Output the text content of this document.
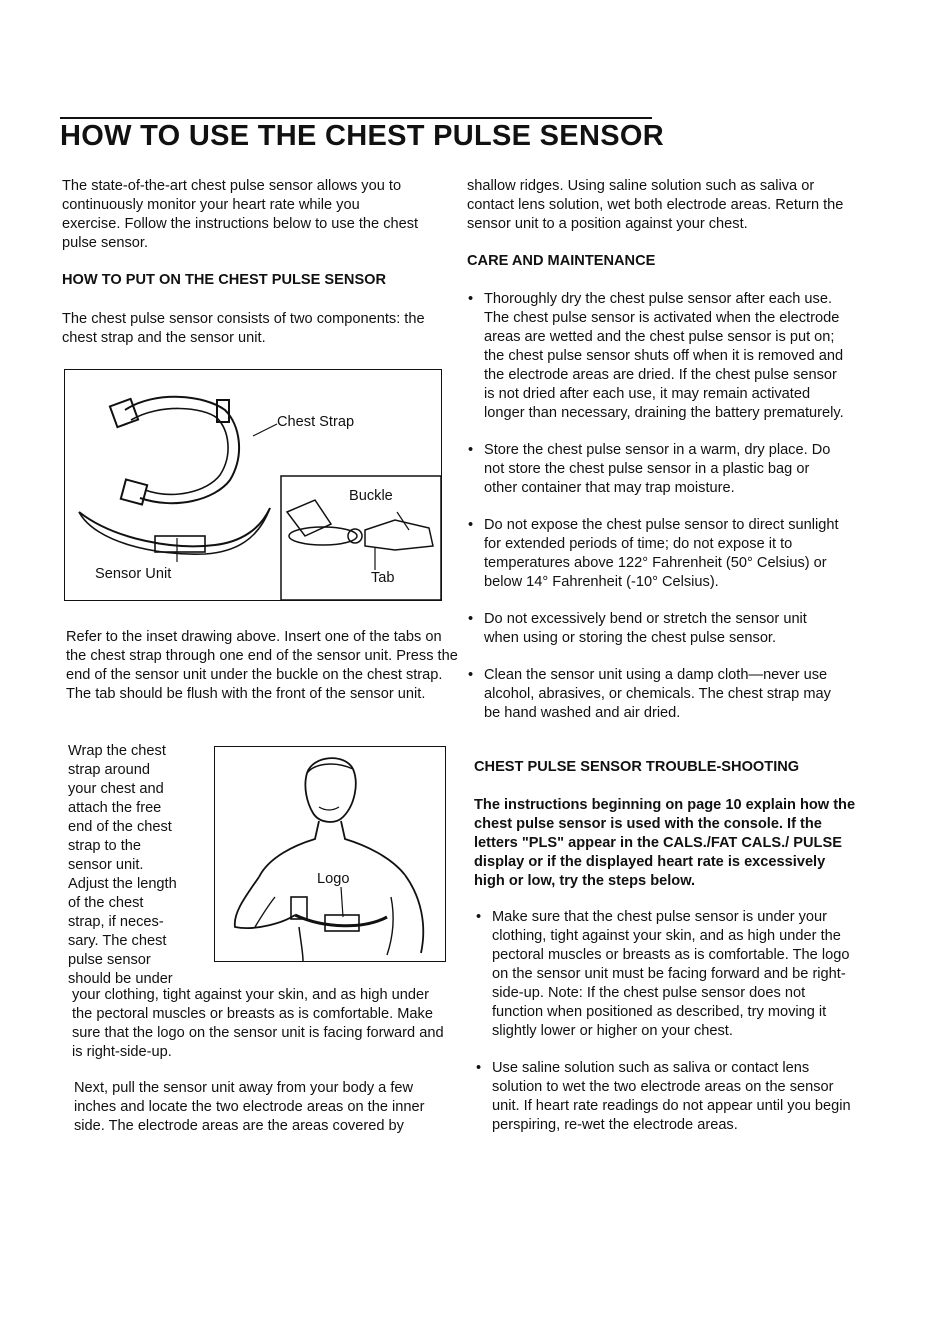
HOW TO USE THE CHEST PULSE SENSOR

The state-of-the-art chest pulse sensor allows you to continuously monitor your heart rate while you exercise. Follow the instructions below to use the chest pulse sensor.

HOW TO PUT ON THE CHEST PULSE SENSOR

The chest pulse sensor consists of two components: the chest strap and the sensor unit.

Chest Strap
Sensor Unit
Buckle
Tab

Refer to the inset drawing above. Insert one of the tabs on the chest strap through one end of the sensor unit. Press the end of the sensor unit under the buckle on the chest strap. The tab should be flush with the front of the sensor unit.

Wrap the chest
strap around
your chest and
attach the free
end of the chest
strap to the
sensor unit.
Adjust the length
of the chest
strap, if neces-
sary. The chest
pulse sensor
should be under
Logo

your clothing, tight against your skin, and as high under the pectoral muscles or breasts as is comfortable. Make sure that the logo on the sensor unit is facing forward and is right-side-up.

Next, pull the sensor unit away from your body a few inches and locate the two electrode areas on the inner side. The electrode areas are the areas covered by

shallow ridges. Using saline solution such as saliva or contact lens solution, wet both electrode areas. Return the sensor unit to a position against your chest.

CARE AND MAINTENANCE
• Thoroughly dry the chest pulse sensor after each use. The chest pulse sensor is activated when the electrode areas are wetted and the chest pulse sensor is put on; the chest pulse sensor shuts off when it is removed and the electrode areas are dried. If the chest pulse sensor is not dried after each use, it may remain activated longer than necessary, draining the battery prematurely.
• Store the chest pulse sensor in a warm, dry place. Do not store the chest pulse sensor in a plastic bag or other container that may trap moisture.
• Do not expose the chest pulse sensor to direct sunlight for extended periods of time; do not expose it to temperatures above 122° Fahrenheit (50° Celsius) or below 14° Fahrenheit (-10° Celsius).
• Do not excessively bend or stretch the sensor unit when using or storing the chest pulse sensor.
• Clean the sensor unit using a damp cloth—never use alcohol, abrasives, or chemicals. The chest strap may be hand washed and air dried.
CHEST PULSE SENSOR TROUBLE-SHOOTING

The instructions beginning on page 10 explain how the chest pulse sensor is used with the console. If the letters "PLS" appear in the CALS./FAT CALS./ PULSE display or if the displayed heart rate is excessively high or low, try the steps below.

• Make sure that the chest pulse sensor is under your clothing, tight against your skin, and as high under the pectoral muscles or breasts as is comfortable. The logo on the sensor unit must be facing forward and be right-side-up. Note: If the chest pulse sensor does not function when positioned as described, try moving it slightly lower or higher on your chest.
• Use saline solution such as saliva or contact lens solution to wet the two electrode areas on the sensor unit. If heart rate readings do not appear until you begin perspiring, re-wet the electrode areas.
